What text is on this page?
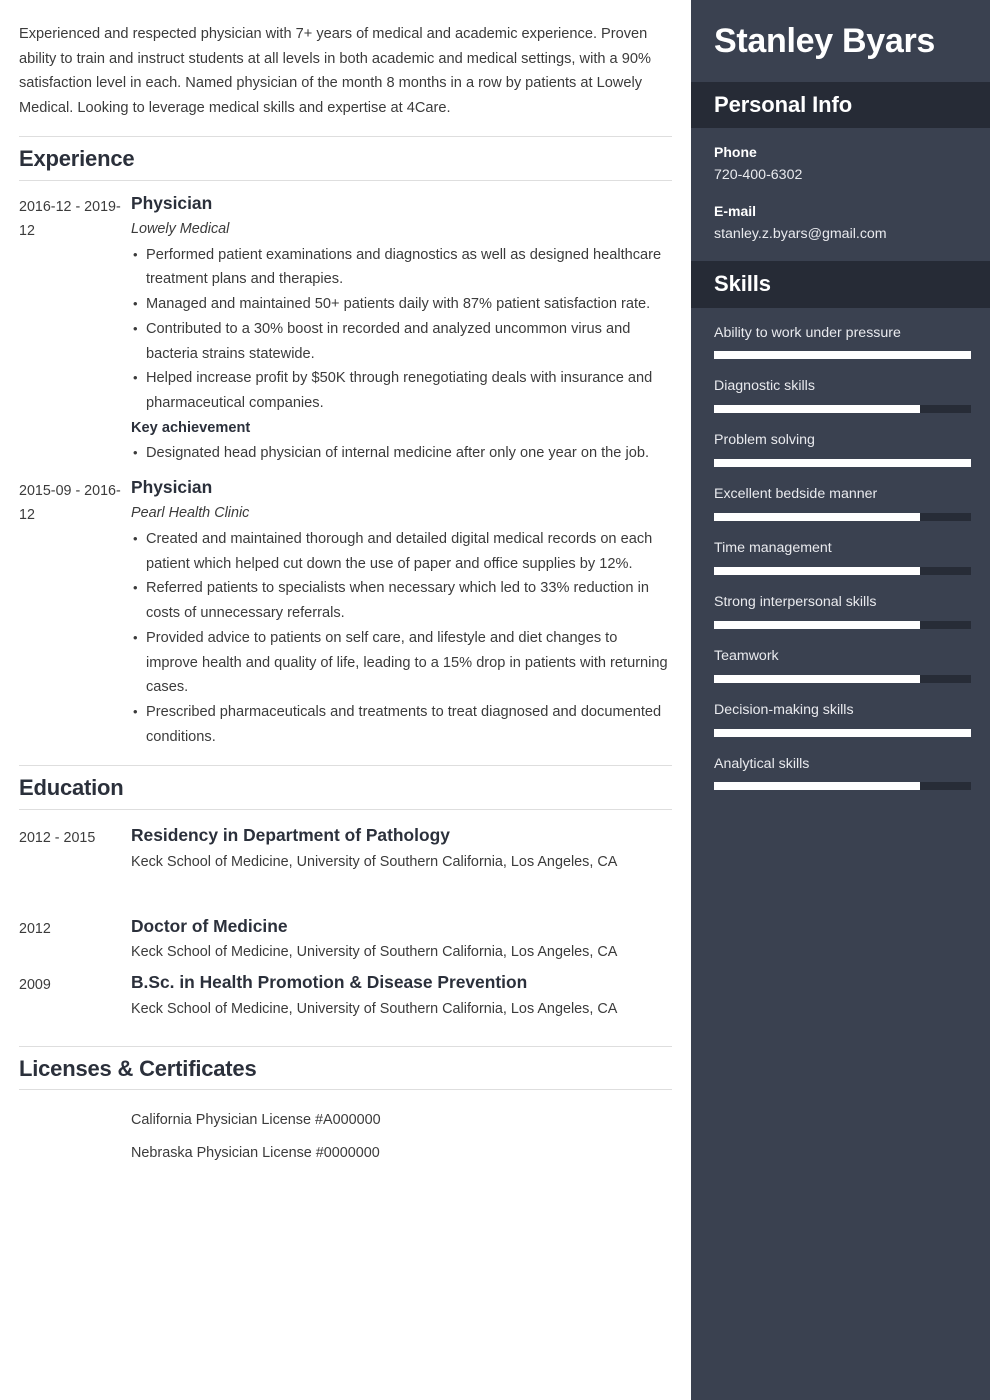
Experienced and respected physician with 7+ years of medical and academic experience. Proven ability to train and instruct students at all levels in both academic and medical settings, with a 90% satisfaction level in each. Named physician of the month 8 months in a row by patients at Lowely Medical. Looking to leverage medical skills and expertise at 4Care.

Experience
2016-12 - 2019-12
Physician
Lowely Medical
• Performed patient examinations and diagnostics as well as designed healthcare treatment plans and therapies.
• Managed and maintained 50+ patients daily with 87% patient satisfaction rate.
• Contributed to a 30% boost in recorded and analyzed uncommon virus and bacteria strains statewide.
• Helped increase profit by $50K through renegotiating deals with insurance and pharmaceutical companies.
Key achievement
• Designated head physician of internal medicine after only one year on the job.
2015-09 - 2016-12
Physician
Pearl Health Clinic
• Created and maintained thorough and detailed digital medical records on each patient which helped cut down the use of paper and office supplies by 12%.
• Referred patients to specialists when necessary which led to 33% reduction in costs of unnecessary referrals.
• Provided advice to patients on self care, and lifestyle and diet changes to improve health and quality of life, leading to a 15% drop in patients with returning cases.
• Prescribed pharmaceuticals and treatments to treat diagnosed and documented conditions.
Education
2012 - 2015	Residency in Department of Pathology
Keck School of Medicine, University of Southern California, Los Angeles, CA
2012	Doctor of Medicine
Keck School of Medicine, University of Southern California, Los Angeles, CA
2009	B.Sc. in Health Promotion & Disease Prevention
Keck School of Medicine, University of Southern California, Los Angeles, CA
Licenses & Certificates
California Physician License #A000000
Nebraska Physician License #0000000
Stanley Byars
Personal Info
Phone
720-400-6302
E-mail
stanley.z.byars@gmail.com
Skills
Ability to work under pressure
Diagnostic skills
Problem solving
Excellent bedside manner
Time management
Strong interpersonal skills
Teamwork
Decision-making skills
Analytical skills
